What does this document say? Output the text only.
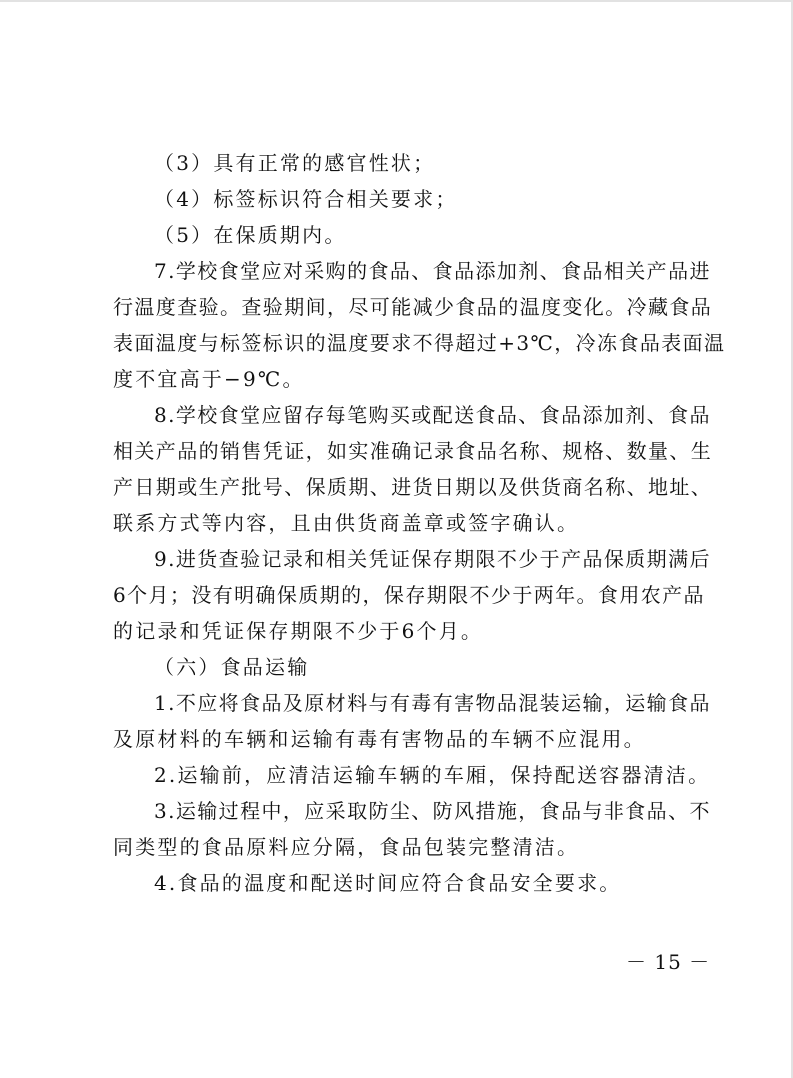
（3）具有正常的感官性状；
（4）标签标识符合相关要求；
（5）在保质期内。
7.学校食堂应对采购的食品、食品添加剂、食品相关产品进
行温度查验。查验期间，尽可能减少食品的温度变化。冷藏食品
表面温度与标签标识的温度要求不得超过+3℃，冷冻食品表面温
度不宜高于−9℃。
8.学校食堂应留存每笔购买或配送食品、食品添加剂、食品
相关产品的销售凭证，如实准确记录食品名称、规格、数量、生
产日期或生产批号、保质期、进货日期以及供货商名称、地址、
联系方式等内容，且由供货商盖章或签字确认。
9.进货查验记录和相关凭证保存期限不少于产品保质期满后
6个月；没有明确保质期的，保存期限不少于两年。食用农产品
的记录和凭证保存期限不少于6个月。
（六）食品运输
1.不应将食品及原材料与有毒有害物品混装运输，运输食品
及原材料的车辆和运输有毒有害物品的车辆不应混用。
2.运输前，应清洁运输车辆的车厢，保持配送容器清洁。
3.运输过程中，应采取防尘、防风措施，食品与非食品、不
同类型的食品原料应分隔，食品包装完整清洁。
4.食品的温度和配送时间应符合食品安全要求。
－ 15 －
